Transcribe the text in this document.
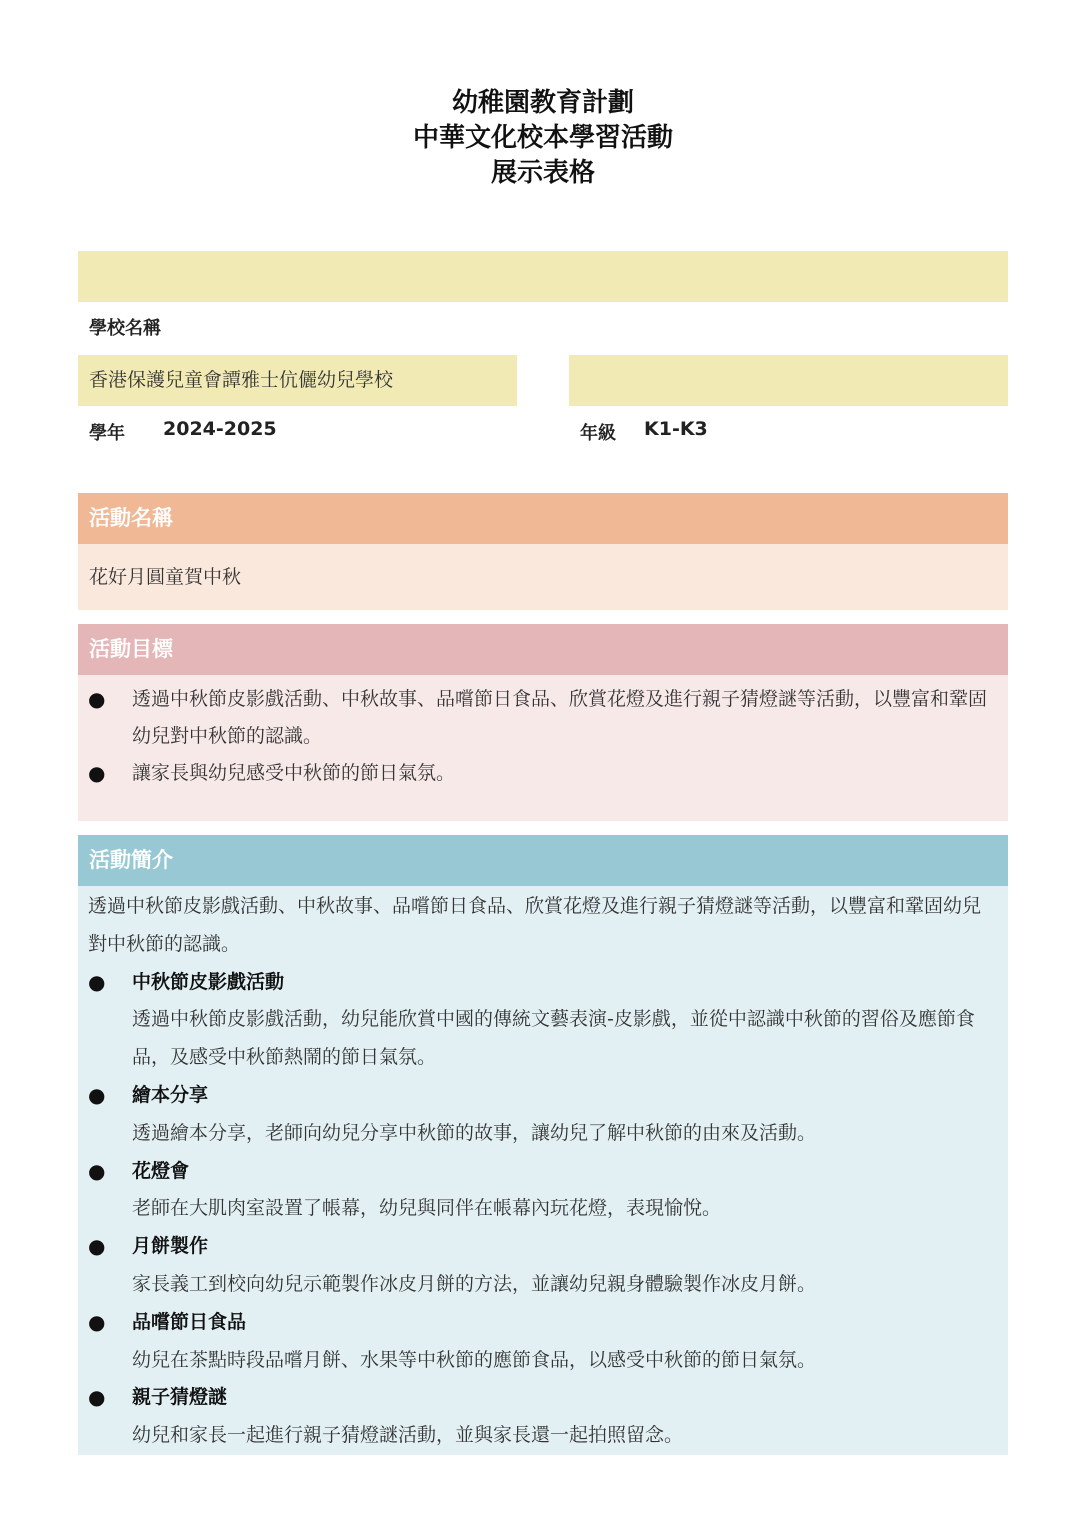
幼稚園教育計劃
中華文化校本學習活動
展示表格
學校名稱
香港保護兒童會譚雅士伉儷幼兒學校
學年 2024-2025	年級 K1-K3
活動名稱
花好月圓童賀中秋
活動目標
●	透過中秋節皮影戲活動、中秋故事、品嚐節日食品、欣賞花燈及進行親子猜燈謎等活動，以豐富和鞏固幼兒對中秋節的認識。
●	讓家長與幼兒感受中秋節的節日氣氛。
活動簡介
透過中秋節皮影戲活動、中秋故事、品嚐節日食品、欣賞花燈及進行親子猜燈謎等活動，以豐富和鞏固幼兒對中秋節的認識。
●	中秋節皮影戲活動
透過中秋節皮影戲活動，幼兒能欣賞中國的傳統文藝表演-皮影戲，並從中認識中秋節的習俗及應節食品，及感受中秋節熱鬧的節日氣氛。
●	繪本分享
透過繪本分享，老師向幼兒分享中秋節的故事，讓幼兒了解中秋節的由來及活動。
●	花燈會
老師在大肌肉室設置了帳幕，幼兒與同伴在帳幕內玩花燈，表現愉悅。
●	月餅製作
家長義工到校向幼兒示範製作冰皮月餅的方法，並讓幼兒親身體驗製作冰皮月餅。
●	品嚐節日食品
幼兒在茶點時段品嚐月餅、水果等中秋節的應節食品，以感受中秋節的節日氣氛。
●	親子猜燈謎
幼兒和家長一起進行親子猜燈謎活動，並與家長還一起拍照留念。
